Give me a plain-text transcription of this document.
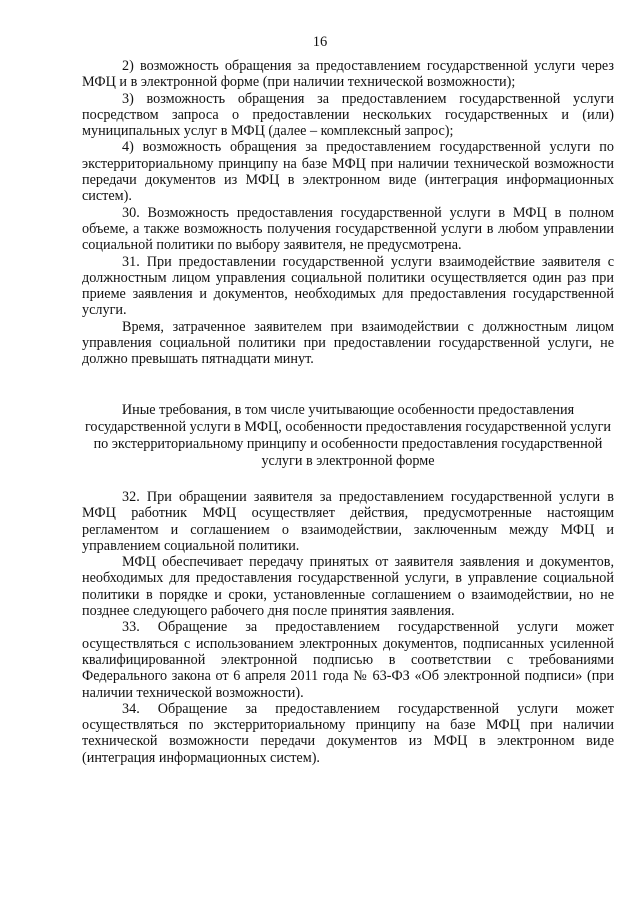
16

2) возможность обращения за предоставлением государственной услуги через МФЦ и в электронной форме (при наличии технической возможности);

3) возможность обращения за предоставлением государственной услуги посредством запроса о предоставлении нескольких государственных и (или) муниципальных услуг в МФЦ (далее – комплексный запрос);

4) возможность обращения за предоставлением государственной услуги по экстерриториальному принципу на базе МФЦ при наличии технической возможности передачи документов из МФЦ в электронном виде (интеграция информационных систем).

30. Возможность предоставления государственной услуги в МФЦ в полном объеме, а также возможность получения государственной услуги в любом управлении социальной политики по выбору заявителя, не предусмотрена.

31. При предоставлении государственной услуги взаимодействие заявителя с должностным лицом управления социальной политики осуществляется один раз при приеме заявления и документов, необходимых для предоставления государственной услуги.

Время, затраченное заявителем при взаимодействии с должностным лицом управления социальной политики при предоставлении государственной услуги, не должно превышать пятнадцати минут.

Иные требования, в том числе учитывающие особенности предоставления государственной услуги в МФЦ, особенности предоставления государственной услуги по экстерриториальному принципу и особенности предоставления государственной услуги в электронной форме

32. При обращении заявителя за предоставлением государственной услуги в МФЦ работник МФЦ осуществляет действия, предусмотренные настоящим регламентом и соглашением о взаимодействии, заключенным между МФЦ и управлением социальной политики.

МФЦ обеспечивает передачу принятых от заявителя заявления и документов, необходимых для предоставления государственной услуги, в управление социальной политики в порядке и сроки, установленные соглашением о взаимодействии, но не позднее следующего рабочего дня после принятия заявления.

33. Обращение за предоставлением государственной услуги может осуществляться с использованием электронных документов, подписанных усиленной квалифицированной электронной подписью в соответствии с требованиями Федерального закона от 6 апреля 2011 года № 63-ФЗ «Об электронной подписи» (при наличии технической возможности).

34. Обращение за предоставлением государственной услуги может осуществляться по экстерриториальному принципу на базе МФЦ при наличии технической возможности передачи документов из МФЦ в электронном виде (интеграция информационных систем).
